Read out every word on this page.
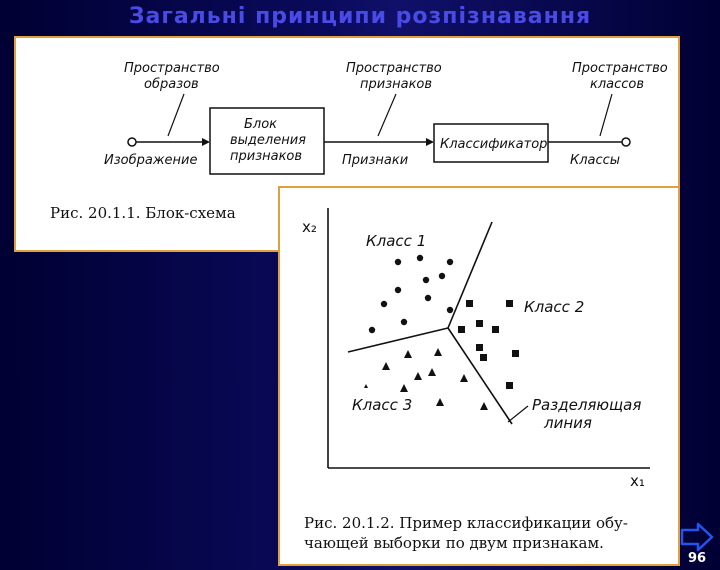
Загальні принципи розпізнавання
Блок
выделения
признаков
Классификатор
Пространство
образов
Пространство
признаков
Пространство
классов
Изображение	Признаки	Классы
Рис. 20.1.1. Блок-схема
x₂
x₁
Класс 1
Класс 2
Класс 3	Разделяющая
линия
Рис. 20.1.2. Пример классификации обу-
чающей выборки по двум признакам.
96
